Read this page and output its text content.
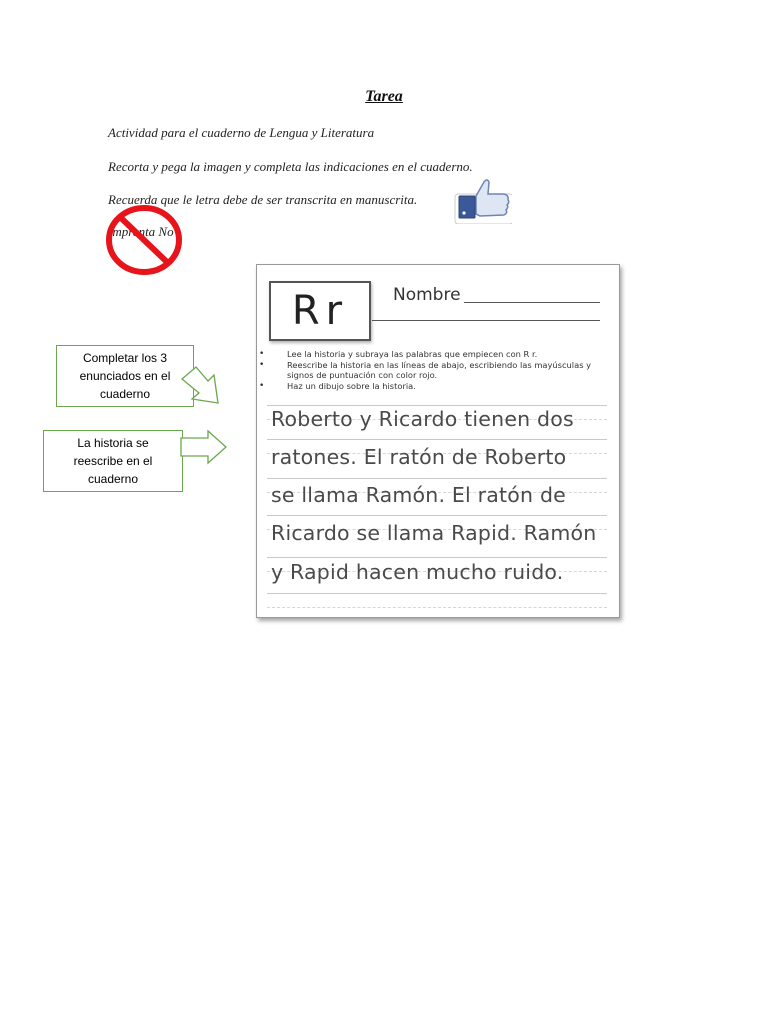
Tarea
Actividad para el cuaderno de Lengua y Literatura
Recorta y pega la imagen y completa las indicaciones en el cuaderno.
Recuerda que le letra debe de ser transcrita en manuscrita.
Imprenta No
Rr	Nombre
•
•

•
Lee la historia y subraya las palabras que empiecen con R r.
Reescribe la historia en las líneas de abajo, escribiendo las mayúsculas y signos de puntuación con color rojo.
Haz un dibujo sobre la historia.
Roberto y Ricardo tienen dos
ratones. El ratón de Roberto
se llama Ramón. El ratón de
Ricardo se llama Rapid. Ramón
y Rapid hacen mucho ruido.
Completar los 3 enunciados en el cuaderno
La historia se reescribe en el cuaderno
